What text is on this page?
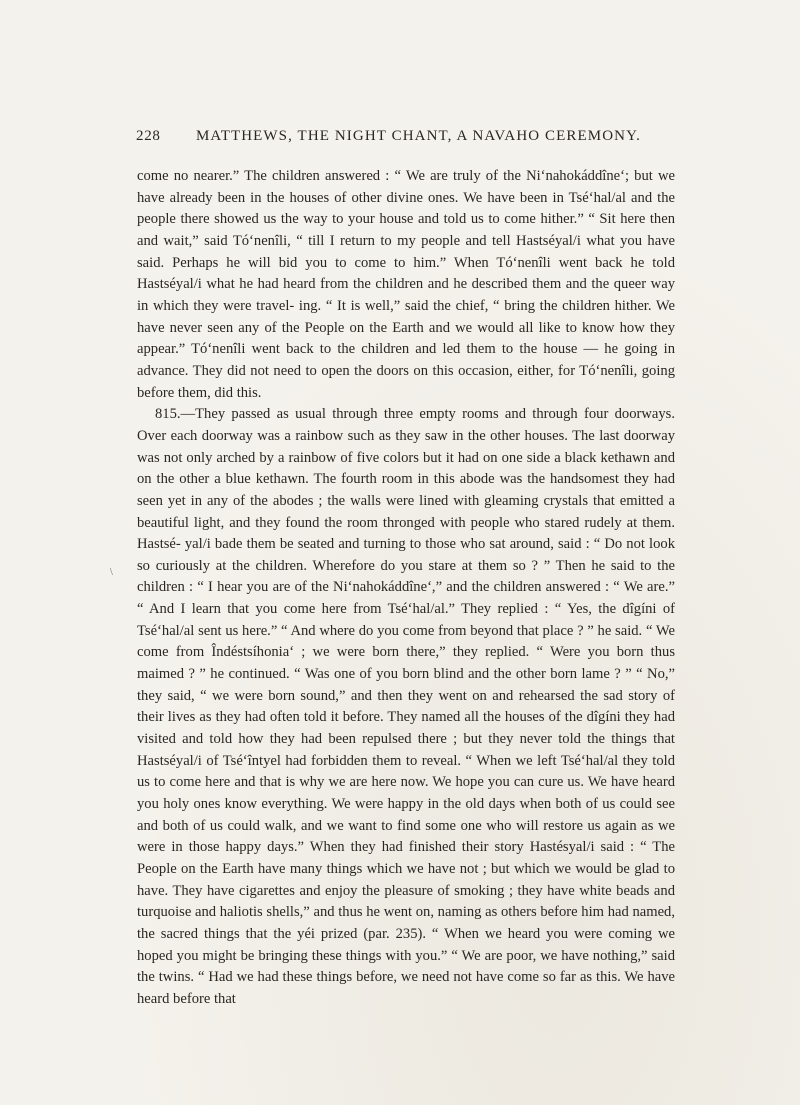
228 MATTHEWS, THE NIGHT CHANT, A NAVAHO CEREMONY.
\

come no nearer.” The children answered : “ We are truly of the Ni‘nahokáddîne‘; but we have already been in the houses of other divine ones. We have been in Tsé‘hal/al and the people there showed us the way to your house and told us to come hither.” “ Sit here then and wait,” said Tó‘nenîli, “ till I return to my people and tell Hastséyal/i what you have said. Perhaps he will bid you to come to him.” When Tó‘nenîli went back he told Hastséyal/i what he had heard from the children and he described them and the queer way in which they were travel- ing. “ It is well,” said the chief, “ bring the children hither. We have never seen any of the People on the Earth and we would all like to know how they appear.” Tó‘nenîli went back to the children and led them to the house — he going in advance. They did not need to open the doors on this occasion, either, for Tó‘nenîli, going before them, did this.

815.—They passed as usual through three empty rooms and through four doorways. Over each doorway was a rainbow such as they saw in the other houses. The last doorway was not only arched by a rainbow of five colors but it had on one side a black kethawn and on the other a blue kethawn. The fourth room in this abode was the handsomest they had seen yet in any of the abodes ; the walls were lined with gleaming crystals that emitted a beautiful light, and they found the room thronged with people who stared rudely at them. Hastsé- yal/i bade them be seated and turning to those who sat around, said : “ Do not look so curiously at the children. Wherefore do you stare at them so ? ” Then he said to the children : “ I hear you are of the Ni‘nahokáddîne‘,” and the children answered : “ We are.” “ And I learn that you come here from Tsé‘hal/al.” They replied : “ Yes, the dîgíni of Tsé‘hal/al sent us here.” “ And where do you come from beyond that place ? ” he said. “ We come from Îndéstsíhonia‘ ; we were born there,” they replied. “ Were you born thus maimed ? ” he continued. “ Was one of you born blind and the other born lame ? ” “ No,” they said, “ we were born sound,” and then they went on and rehearsed the sad story of their lives as they had often told it before. They named all the houses of the dîgíni they had visited and told how they had been repulsed there ; but they never told the things that Hastséyal/i of Tsé‘întyel had forbidden them to reveal. “ When we left Tsé‘hal/al they told us to come here and that is why we are here now. We hope you can cure us. We have heard you holy ones know everything. We were happy in the old days when both of us could see and both of us could walk, and we want to find some one who will restore us again as we were in those happy days.” When they had finished their story Hastésyal/i said : “ The People on the Earth have many things which we have not ; but which we would be glad to have. They have cigarettes and enjoy the pleasure of smoking ; they have white beads and turquoise and haliotis shells,” and thus he went on, naming as others before him had named, the sacred things that the yéi prized (par. 235). “ When we heard you were coming we hoped you might be bringing these things with you.” “ We are poor, we have nothing,” said the twins. “ Had we had these things before, we need not have come so far as this. We have heard before that
